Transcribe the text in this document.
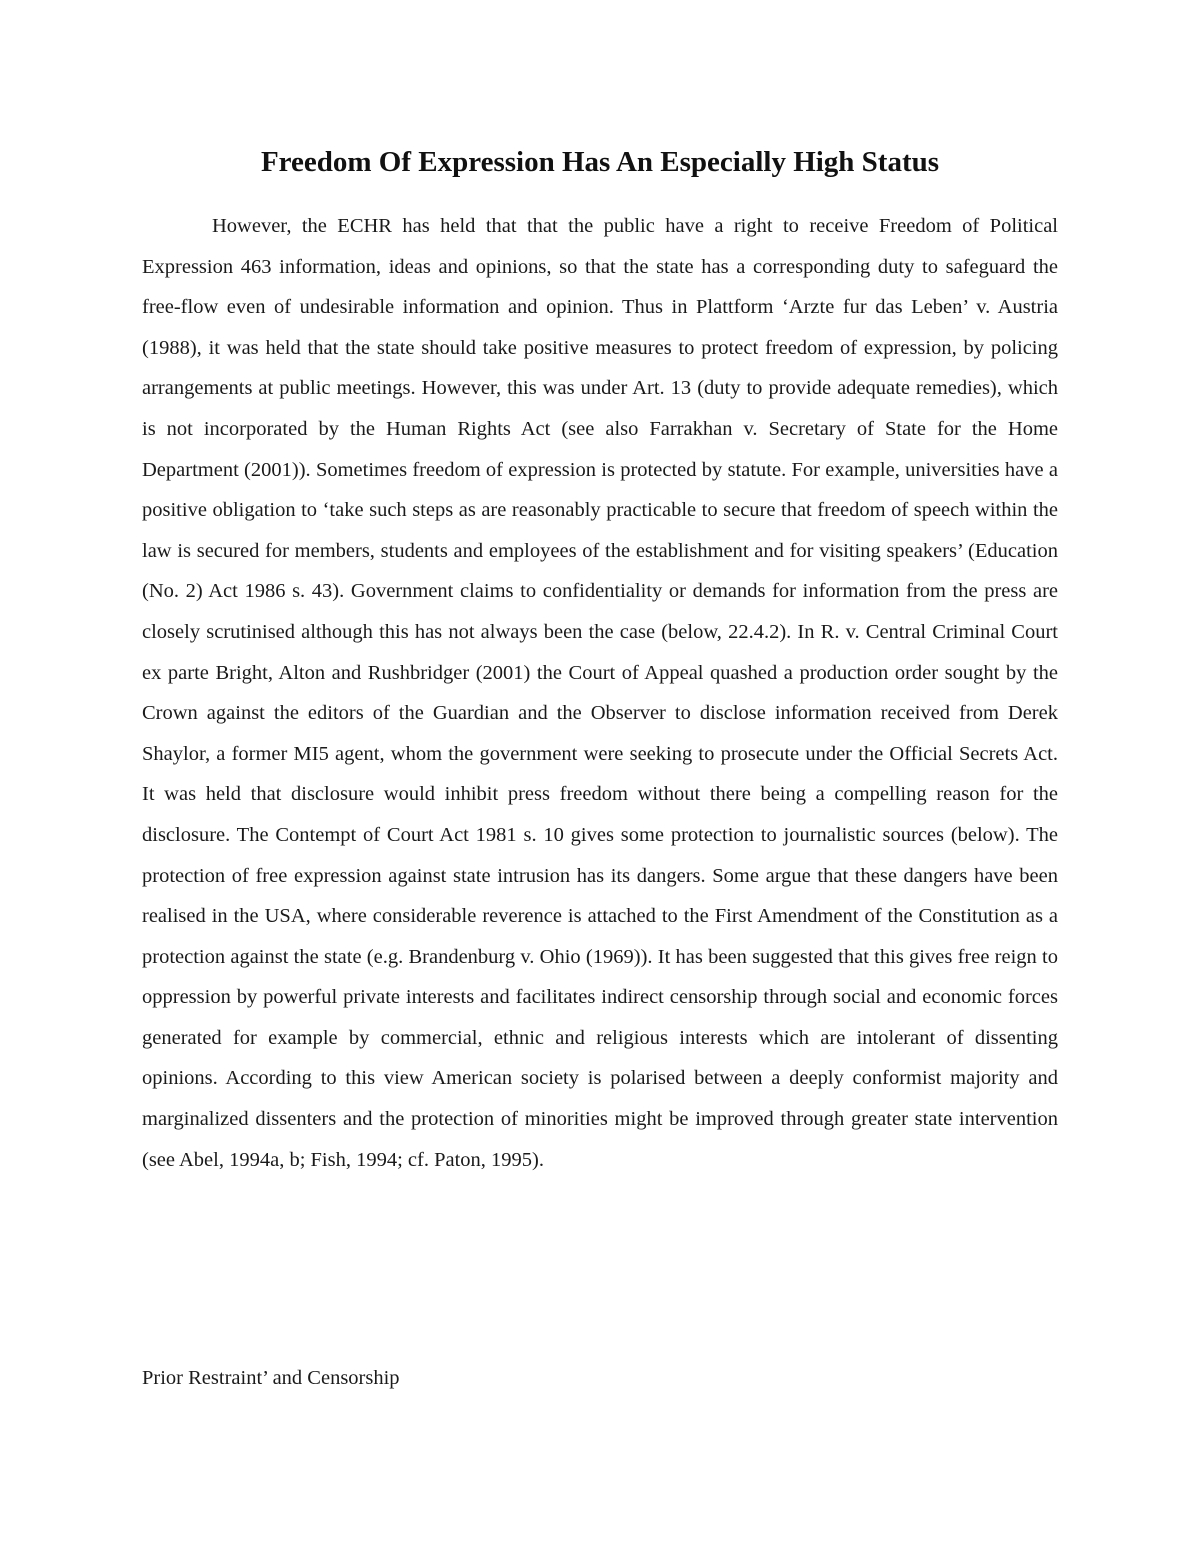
Freedom Of Expression Has An Especially High Status

However, the ECHR has held that that the public have a right to receive Freedom of Political Expression 463 information, ideas and opinions, so that the state has a corresponding duty to safeguard the free-flow even of undesirable information and opinion. Thus in Plattform ‘Arzte fur das Leben’ v. Austria (1988), it was held that the state should take positive measures to protect freedom of expression, by policing arrangements at public meetings. However, this was under Art. 13 (duty to provide adequate remedies), which is not incorporated by the Human Rights Act (see also Farrakhan v. Secretary of State for the Home Department (2001)). Sometimes freedom of expression is protected by statute. For example, universities have a positive obligation to ‘take such steps as are reasonably practicable to secure that freedom of speech within the law is secured for members, students and employees of the establishment and for visiting speakers’ (Education (No. 2) Act 1986 s. 43). Government claims to confidentiality or demands for information from the press are closely scrutinised although this has not always been the case (below, 22.4.2). In R. v. Central Criminal Court ex parte Bright, Alton and Rushbridger (2001) the Court of Appeal quashed a production order sought by the Crown against the editors of the Guardian and the Observer to disclose information received from Derek Shaylor, a former MI5 agent, whom the government were seeking to prosecute under the Official Secrets Act. It was held that disclosure would inhibit press freedom without there being a compelling reason for the disclosure. The Contempt of Court Act 1981 s. 10 gives some protection to journalistic sources (below). The protection of free expression against state intrusion has its dangers. Some argue that these dangers have been realised in the USA, where considerable reverence is attached to the First Amendment of the Constitution as a protection against the state (e.g. Brandenburg v. Ohio (1969)). It has been suggested that this gives free reign to oppression by powerful private interests and facilitates indirect censorship through social and economic forces generated for example by commercial, ethnic and religious interests which are intolerant of dissenting opinions. According to this view American society is polarised between a deeply conformist majority and marginalized dissenters and the protection of minorities might be improved through greater state intervention (see Abel, 1994a, b; Fish, 1994; cf. Paton, 1995).

Prior Restraint’ and Censorship
